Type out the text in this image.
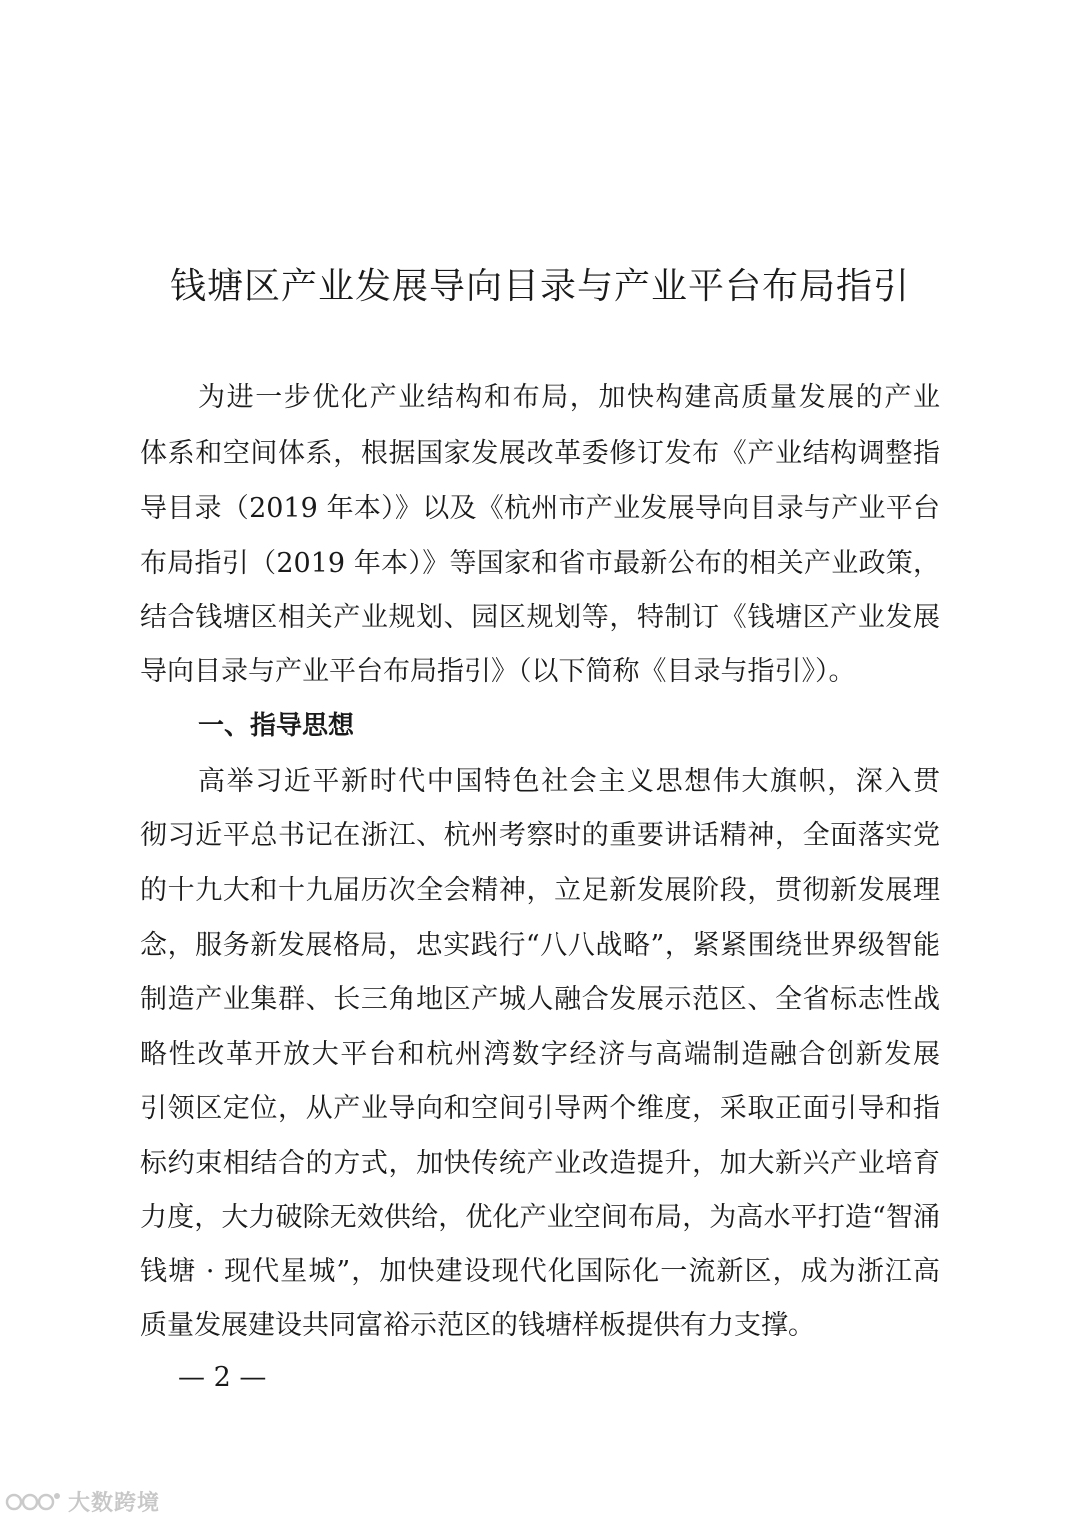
钱塘区产业发展导向目录与产业平台布局指引
为进一步优化产业结构和布局，加快构建高质量发展的产业
体系和空间体系，根据国家发展改革委修订发布《产业结构调整指
导目录（2019 年本）》以及《杭州市产业发展导向目录与产业平台
布局指引（2019 年本）》等国家和省市最新公布的相关产业政策，
结合钱塘区相关产业规划、园区规划等，特制订《钱塘区产业发展
导向目录与产业平台布局指引》（以下简称《目录与指引》）。
一、指导思想
高举习近平新时代中国特色社会主义思想伟大旗帜，深入贯
彻习近平总书记在浙江、杭州考察时的重要讲话精神，全面落实党
的十九大和十九届历次全会精神，立足新发展阶段，贯彻新发展理
念，服务新发展格局，忠实践行“八八战略”，紧紧围绕世界级智能
制造产业集群、长三角地区产城人融合发展示范区、全省标志性战
略性改革开放大平台和杭州湾数字经济与高端制造融合创新发展
引领区定位，从产业导向和空间引导两个维度，采取正面引导和指
标约束相结合的方式，加快传统产业改造提升，加大新兴产业培育
力度，大力破除无效供给，优化产业空间布局，为高水平打造“智涌
钱塘 · 现代星城”，加快建设现代化国际化一流新区，成为浙江高
质量发展建设共同富裕示范区的钱塘样板提供有力支撑。
— 2 —
大数跨境
